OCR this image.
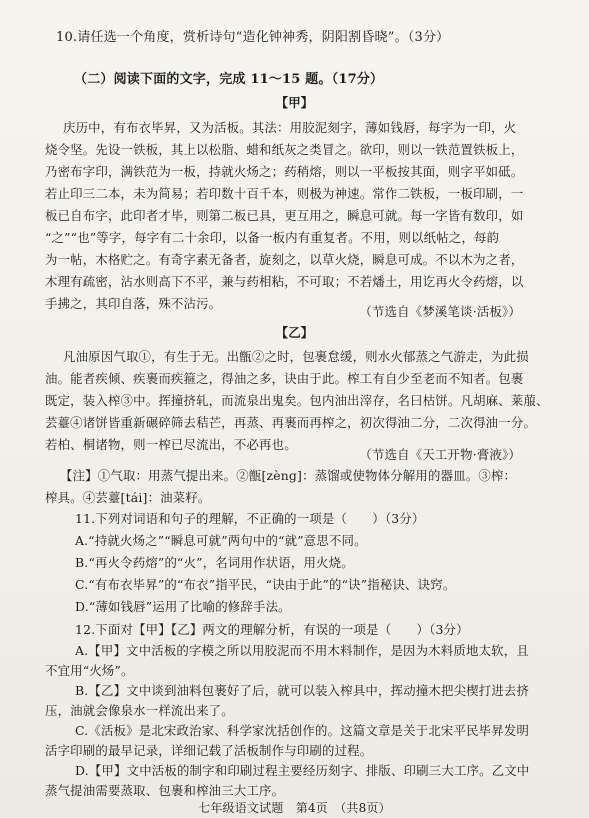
10.请任选一个角度，赏析诗句“造化钟神秀，阴阳割昏晓”。（3分）
（二）阅读下面的文字，完成 11～15 题。（17分）
【甲】
庆历中，有布衣毕昇，又为活板。其法：用胶泥刻字，薄如钱唇，每字为一印，火
烧令坚。先设一铁板，其上以松脂、蜡和纸灰之类冒之。欲印，则以一铁范置铁板上，
乃密布字印，满铁范为一板，持就火炀之；药稍熔，则以一平板按其面，则字平如砥。
若止印三二本，未为简易；若印数十百千本，则极为神速。常作二铁板，一板印刷，一
板已自布字，此印者才毕，则第二板已具，更互用之，瞬息可就。每一字皆有数印，如
“之”“也”等字，每字有二十余印，以备一板内有重复者。不用，则以纸帖之，每韵
为一帖，木格贮之。有奇字素无备者，旋刻之，以草火烧，瞬息可成。不以木为之者，
木理有疏密，沾水则高下不平，兼与药相粘，不可取；不若燔土，用讫再火令药熔，以
手拂之，其印自落，殊不沾污。
（节选自《梦溪笔谈·活板》）
【乙】
凡油原因气取①，有生于无。出甑②之时，包裹怠缓，则水火郁蒸之气游走，为此损
油。能者疾倾、疾裹而疾箍之，得油之多，诀由于此。榨工有自少至老而不知者。包裹
既定，装入榨③中。挥撞挤轧，而流泉出鬼矣。包内油出滓存，名曰枯饼。凡胡麻、莱菔、
芸薹④诸饼皆重新碾碎筛去秸芒，再蒸、再裹而再榨之，初次得油二分，二次得油一分。
若柏、桐诸物，则一榨已尽流出，不必再也。
（节选自《天工开物·膏液》）
【注】①气取：用蒸气提出来。②甑[zèng]：蒸馏或使物体分解用的器皿。③榨：
榨具。④芸薹[tái]：油菜籽。
11.下列对词语和句子的理解，不正确的一项是（　　）（3分）
A.“持就火炀之”“瞬息可就”两句中的“就”意思不同。
B.“再火令药熔”的“火”，名词用作状语，用火烧。
C.“有布衣毕昇”的“布衣”指平民，“诀由于此”的“诀”指秘诀、诀窍。
D.“薄如钱唇”运用了比喻的修辞手法。
12.下面对【甲】【乙】两文的理解分析，有误的一项是（　　）（3分）
A.【甲】文中活板的字模之所以用胶泥而不用木料制作，是因为木料质地太软，且
不宜用“火炀”。
B.【乙】文中谈到油料包裹好了后，就可以装入榨具中，挥动撞木把尖楔打进去挤
压，油就会像泉水一样流出来了。
C.《活板》是北宋政治家、科学家沈括创作的。这篇文章是关于北宋平民毕昇发明
活字印刷的最早记录，详细记载了活板制作与印刷的过程。
七年级语文试题　第4页　（共8页）
D.【甲】文中活板的制字和印刷过程主要经历刻字、排版、印刷三大工序。乙文中
蒸气提油需要蒸取、包裹和榨油三大工序。
